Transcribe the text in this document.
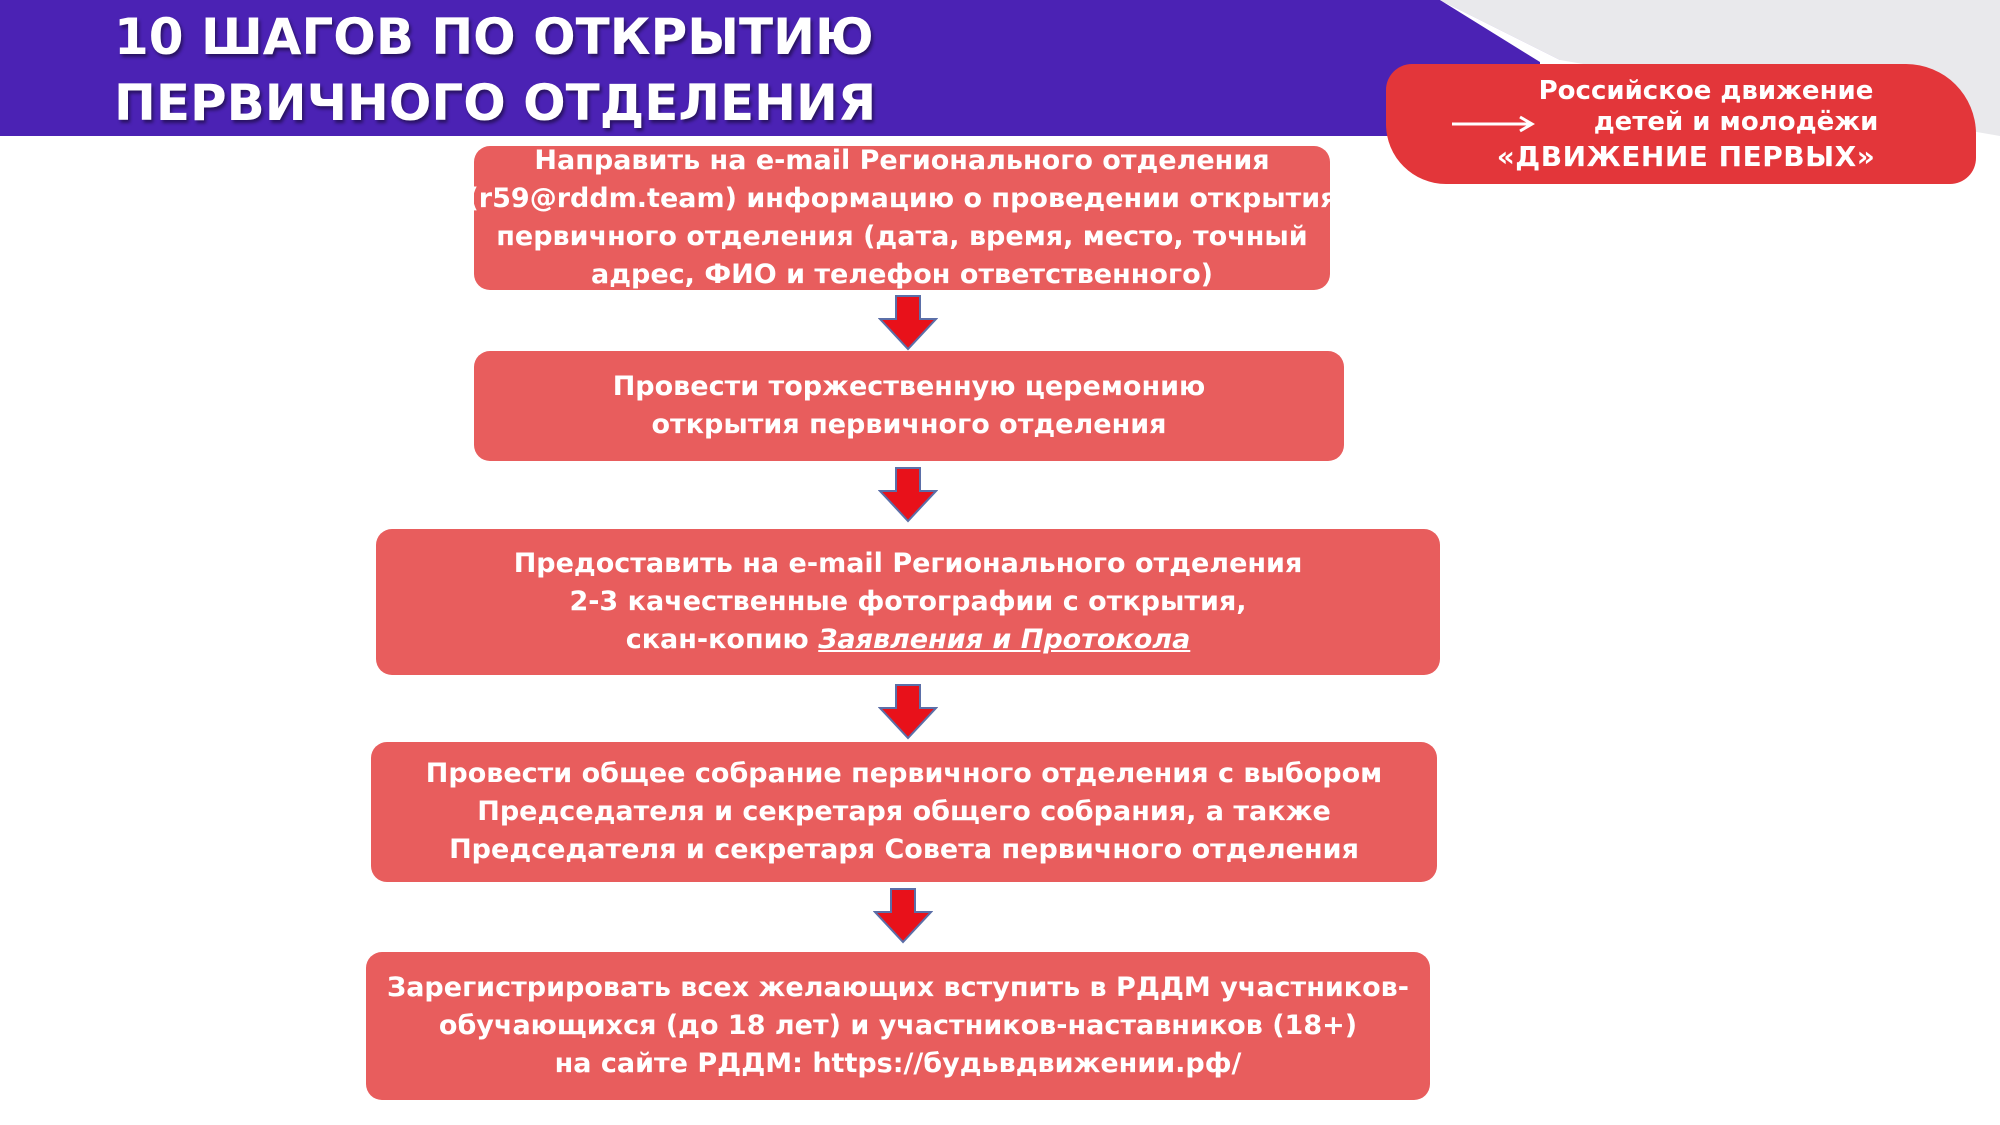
10 ШАГОВ ПО ОТКРЫТИЮ
ПЕРВИЧНОГО ОТДЕЛЕНИЯ	Российское движение
детей и молодёжи
«ДВИЖЕНИЕ ПЕРВЫХ»
Направить на e-mail Регионального отделения
(r59@rddm.team) информацию о проведении открытия
первичного отделения (дата, время, место, точный
адрес, ФИО и телефон ответственного)
Провести торжественную церемонию
открытия первичного отделения
Предоставить на e-mail Регионального отделения
2-3 качественные фотографии с открытия,
скан-копию Заявления и Протокола
Провести общее собрание первичного отделения с выбором
Председателя и секретаря общего собрания, а также
Председателя и секретаря Совета первичного отделения
Зарегистрировать всех желающих вступить в РДДМ участников-
обучающихся (до 18 лет) и участников-наставников (18+)
на сайте РДДМ: https://будьвдвижении.рф/
